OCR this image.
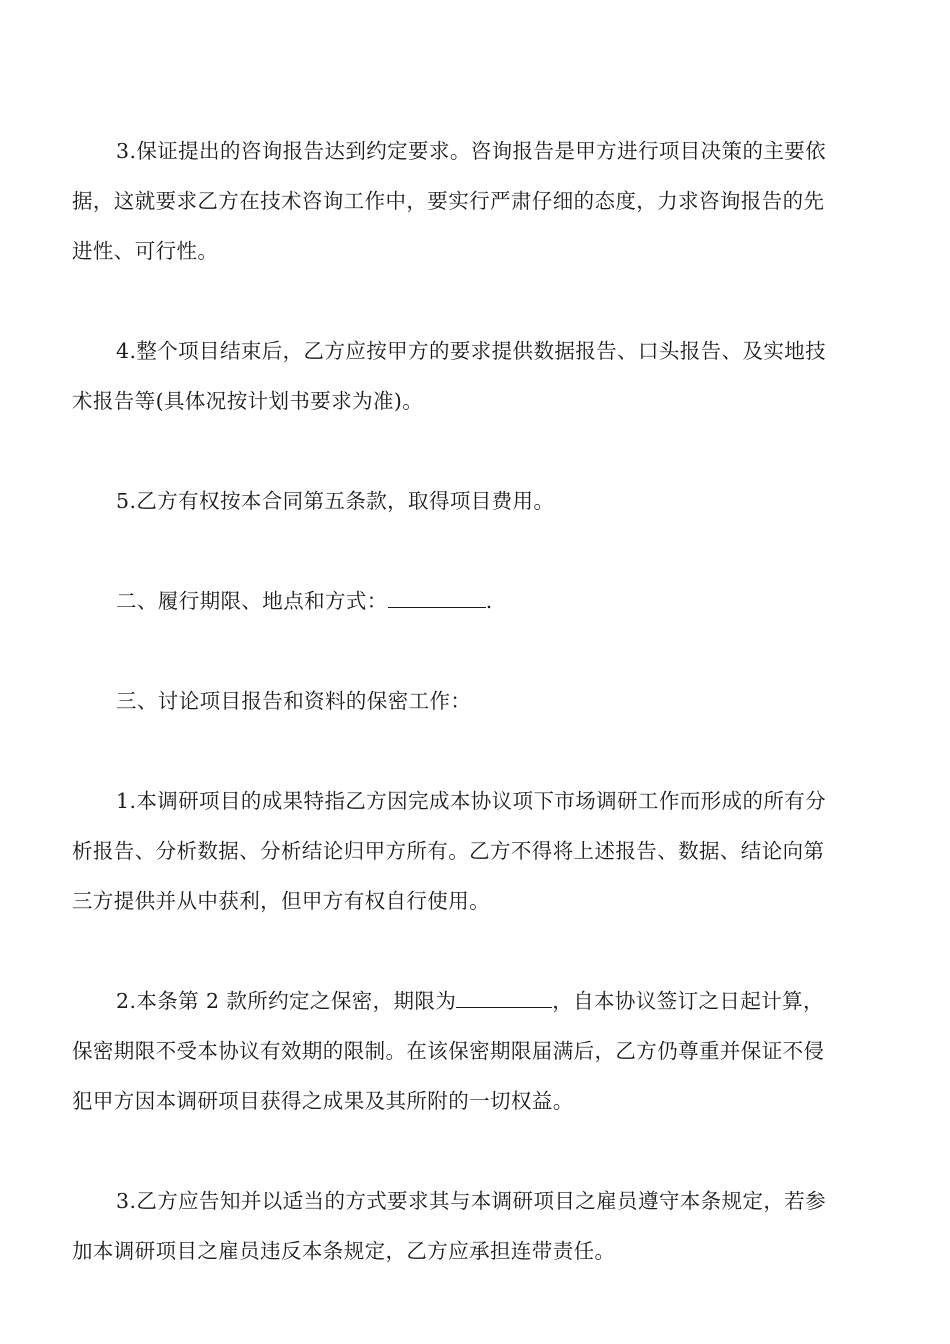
3.保证提出的咨询报告达到约定要求。咨询报告是甲方进行项目决策的主要依
据，这就要求乙方在技术咨询工作中，要实行严肃仔细的态度，力求咨询报告的先
进性、可行性。

4.整个项目结束后，乙方应按甲方的要求提供数据报告、口头报告、及实地技
术报告等(具体况按计划书要求为准)。

5.乙方有权按本合同第五条款，取得项目费用。

二、履行期限、地点和方式：	.

三、讨论项目报告和资料的保密工作：

1.本调研项目的成果特指乙方因完成本协议项下市场调研工作而形成的所有分
析报告、分析数据、分析结论归甲方所有。乙方不得将上述报告、数据、结论向第
三方提供并从中获利，但甲方有权自行使用。

2.本条第 2 款所约定之保密，期限为	，自本协议签订之日起计算，
保密期限不受本协议有效期的限制。在该保密期限届满后，乙方仍尊重并保证不侵
犯甲方因本调研项目获得之成果及其所附的一切权益。

3.乙方应告知并以适当的方式要求其与本调研项目之雇员遵守本条规定，若参
加本调研项目之雇员违反本条规定，乙方应承担连带责任。
